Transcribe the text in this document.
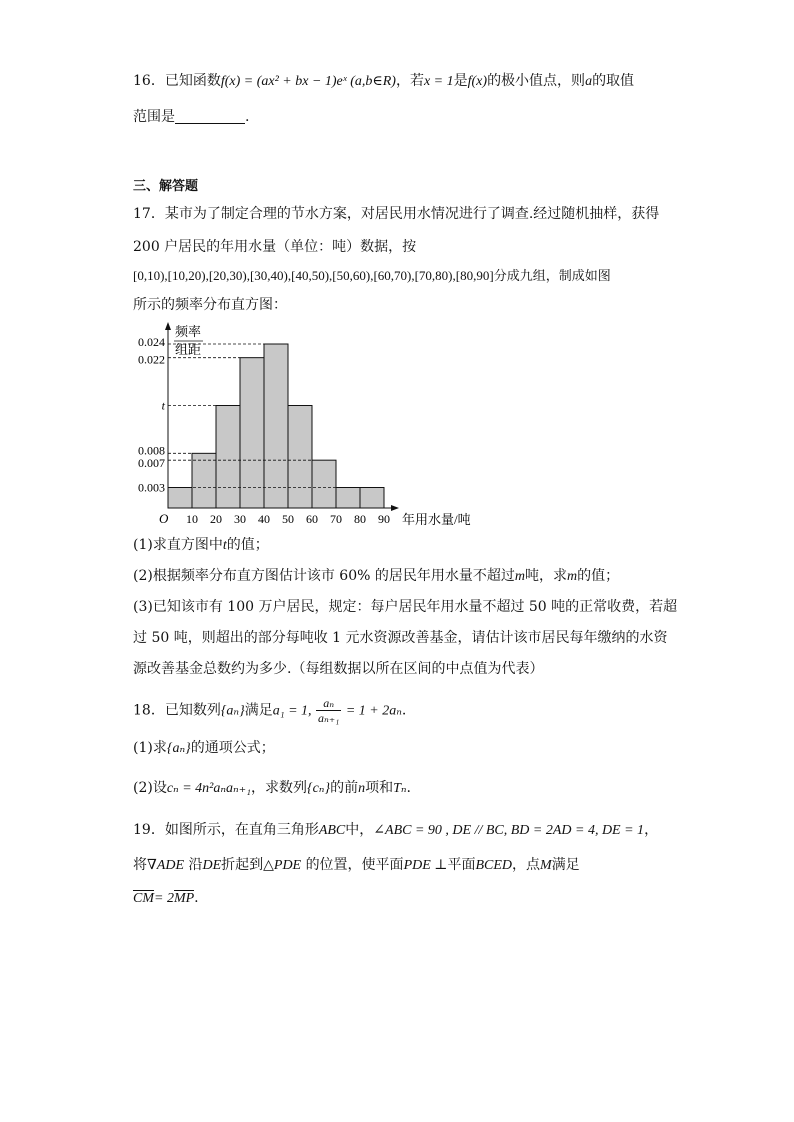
16．已知函数f(x) = (ax² + bx − 1)eˣ (a,b∈R)，若x = 1是f(x)的极小值点，则a的取值
范围是	.
三、解答题
17．某市为了制定合理的节水方案，对居民用水情况进行了调查.经过随机抽样，获得
200 户居民的年用水量（单位：吨）数据，按
[0,10),[10,20),[20,30),[30,40),[40,50),[50,60),[60,70),[70,80),[80,90]分成九组，制成如图
所示的频率分布直方图：
0.024
0.022
t
0.008
0.007
0.003
10 20 30 40 50 60 70 80 90
频率
组距
O	年用水量/吨
(1)求直方图中t的值；
(2)根据频率分布直方图估计该市 60% 的居民年用水量不超过m吨，求m的值；
(3)已知该市有 100 万户居民，规定：每户居民年用水量不超过 50 吨的正常收费，若超
过 50 吨，则超出的部分每吨收 1 元水资源改善基金，请估计该市居民每年缴纳的水资
源改善基金总数约为多少.（每组数据以所在区间的中点值为代表）
18．已知数列{aₙ}满足a₁ = 1, $\frac{\text{aₙ}}{\text{aₙ₊₁}} = 1 + 2a_n$.
(1)求{aₙ}的通项公式；
(2)设cₙ = 4n²aₙaₙ₊₁，求数列{cₙ}的前n项和Tₙ.
19．如图所示，在直角三角形ABC中，∠ABC = 90 , DE // BC, BD = 2AD = 4, DE = 1，
将∇ADE 沿DE折起到△PDE 的位置，使平面PDE ⊥平面BCED，点M满足
CM= 2MP.
